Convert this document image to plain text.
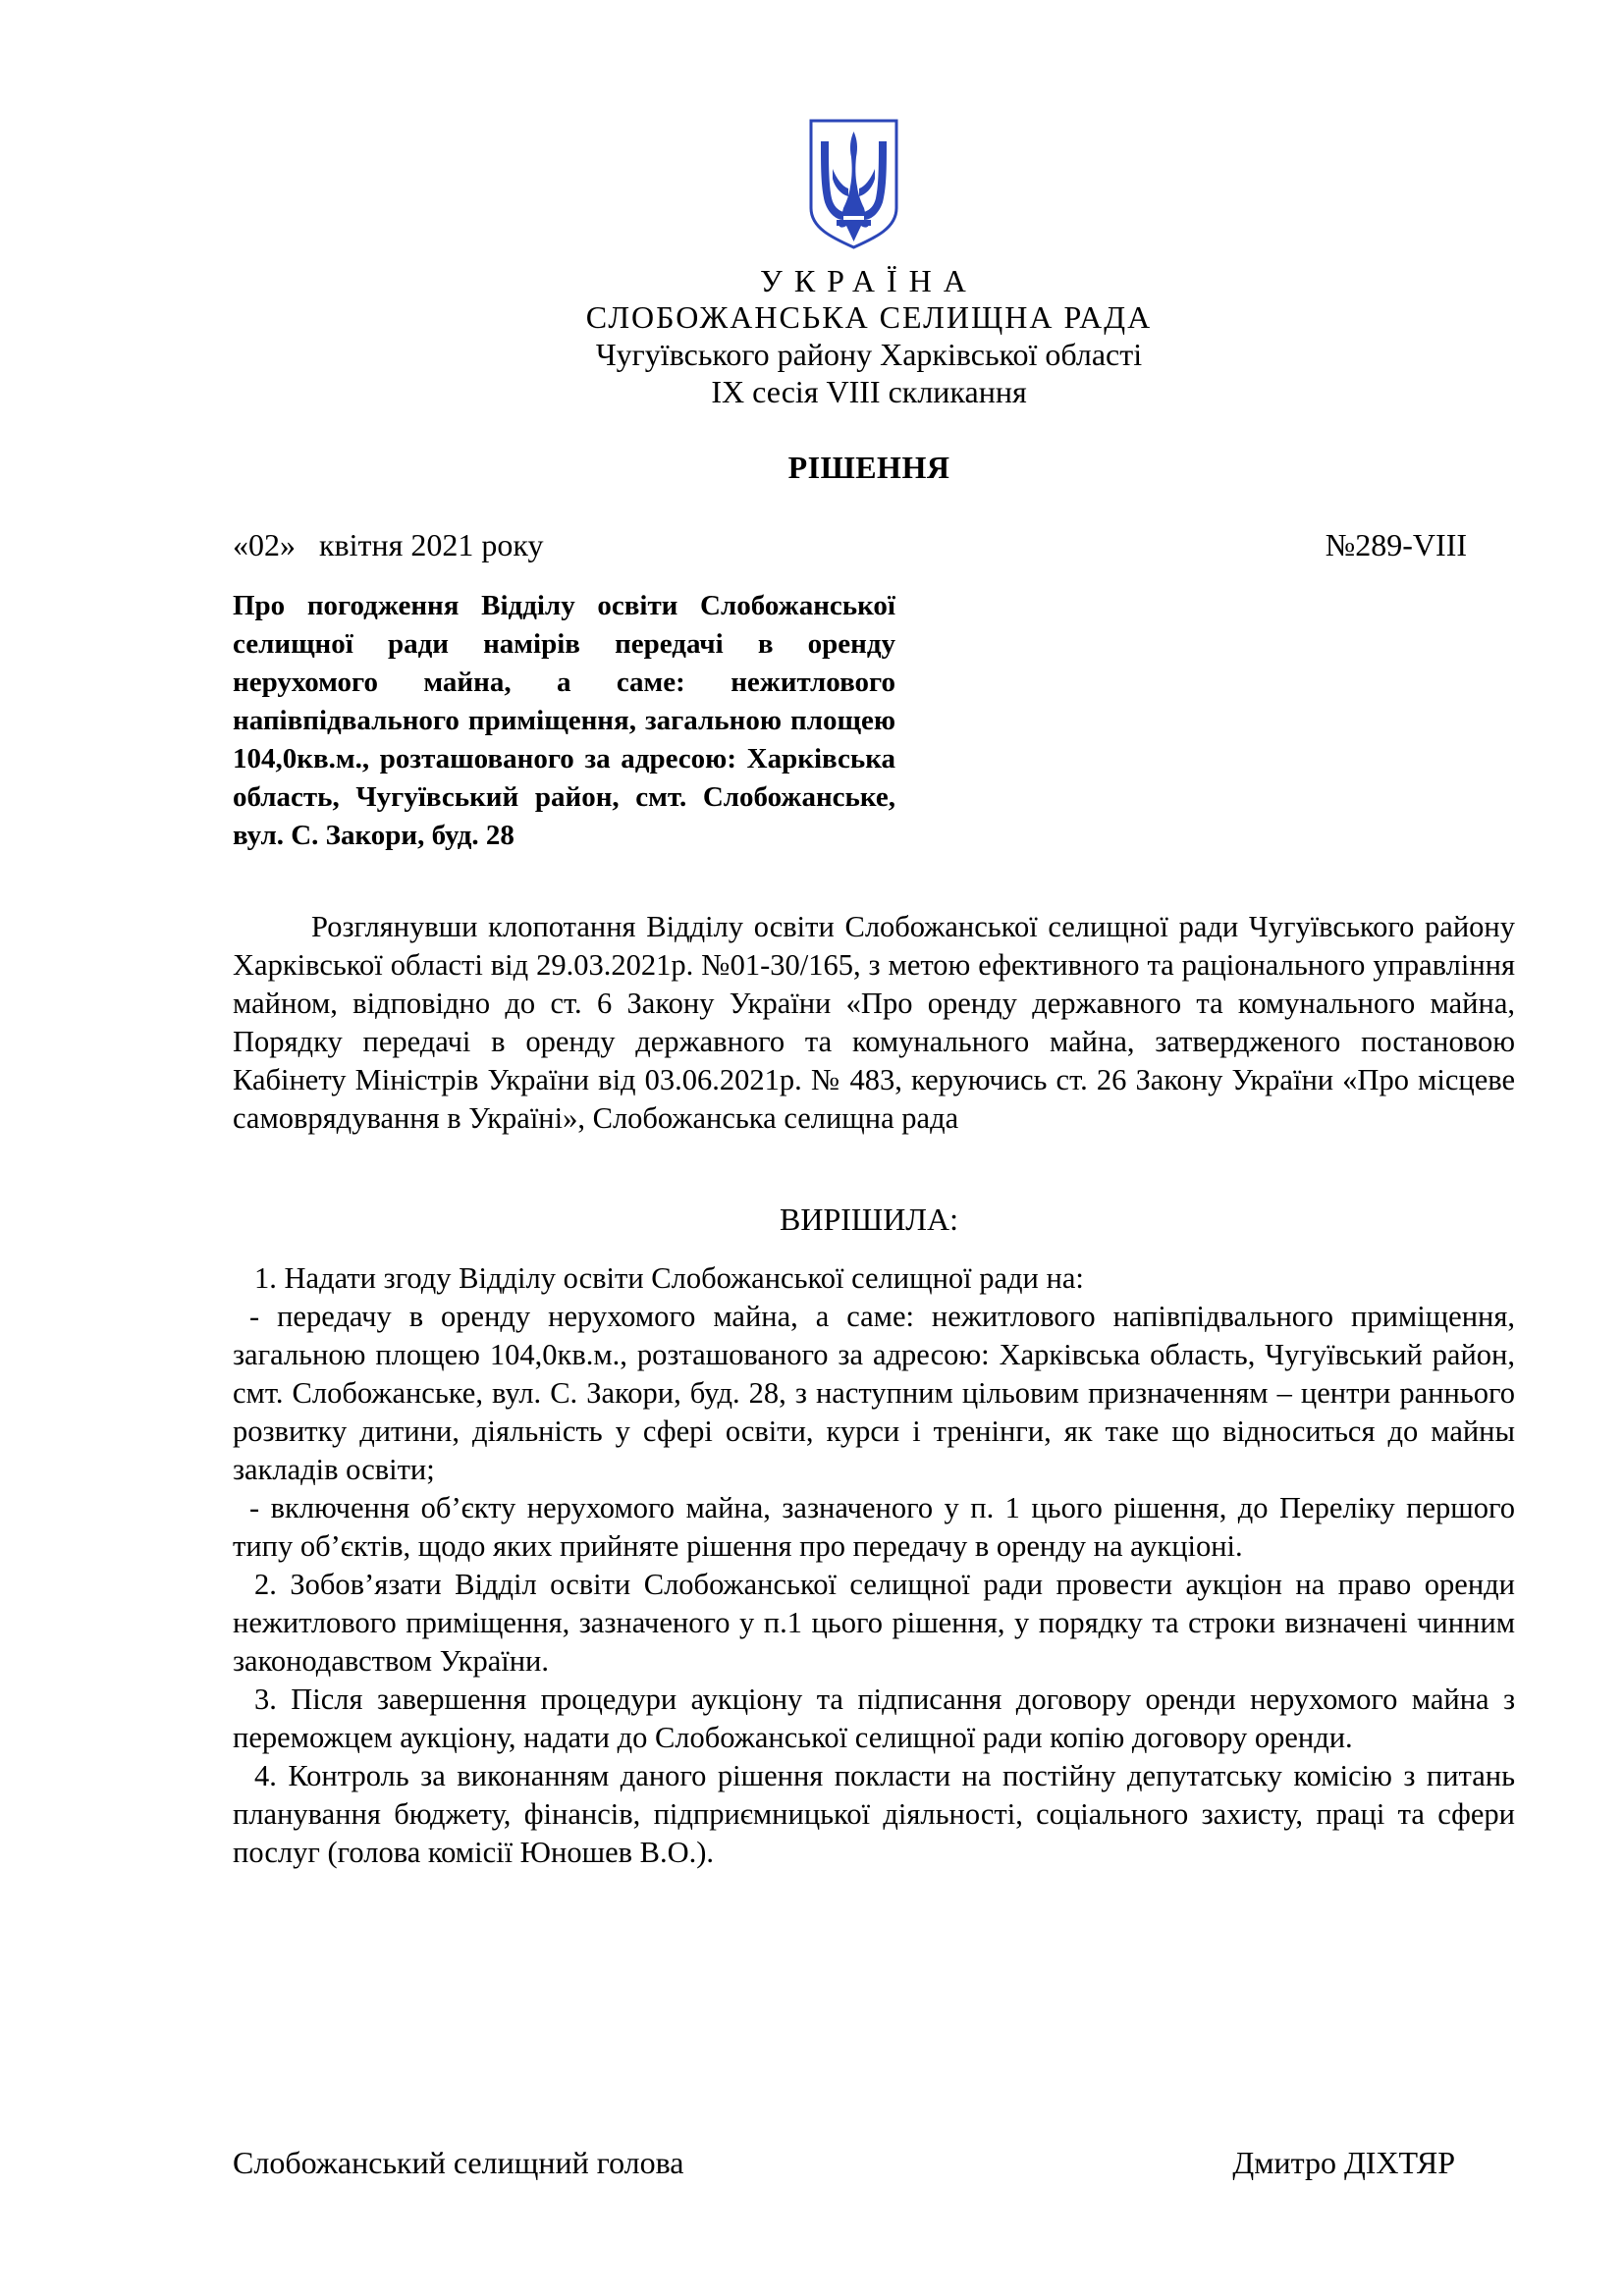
УКРАЇНА
СЛОБОЖАНСЬКА СЕЛИЩНА РАДА
Чугуївського району Харківської області
IX сесія VIII скликання
РІШЕННЯ
«02»   квітня 2021 року	№289-VIII
Про погодження Відділу освіти Слобожанської селищної ради намірів передачі в оренду нерухомого майна, а саме: нежитлового напівпідвального приміщення, загальною площею 104,0кв.м., розташованого за адресою: Харківська область, Чугуївський район, смт. Слобожанське, вул. С. Закори, буд. 28
Розглянувши клопотання Відділу освіти Слобожанської селищної ради Чугуївського району Харківської області від 29.03.2021р. №01-30/165, з метою ефективного та раціонального управління майном, відповідно до ст. 6 Закону України «Про оренду державного та комунального майна, Порядку передачі в оренду державного та комунального майна, затвердженого постановою Кабінету Міністрів України від 03.06.2021р. № 483, керуючись ст. 26 Закону України «Про місцеве самоврядування в Україні», Слобожанська селищна рада
ВИРІШИЛА:

1. Надати згоду Відділу освіти Слобожанської селищної ради на:

- передачу в оренду нерухомого майна, а саме: нежитлового напівпідвального приміщення, загальною площею 104,0кв.м., розташованого за адресою: Харківська область, Чугуївський район, смт. Слобожанське, вул. С. Закори, буд. 28, з наступним цільовим призначенням – центри раннього розвитку дитини, діяльність у сфері освіти, курси і тренінги, як таке що відноситься до майны закладів освіти;

- включення об’єкту нерухомого майна, зазначеного у п. 1 цього рішення, до Переліку першого типу об’єктів, щодо яких прийняте рішення про передачу в оренду на аукціоні.

2. Зобов’язати Відділ освіти Слобожанської селищної ради провести аукціон на право оренди нежитлового приміщення, зазначеного у п.1 цього рішення, у порядку та строки визначені чинним законодавством України.

3. Після завершення процедури аукціону та підписання договору оренди нерухомого майна з переможцем аукціону, надати до Слобожанської селищної ради копію договору оренди.

4. Контроль за виконанням даного рішення покласти на постійну депутатську комісію з питань планування бюджету, фінансів, підприємницької діяльності, соціального захисту, праці та сфери послуг (голова комісії Юношев В.О.).

Слобожанський селищний голова	Дмитро ДІХТЯР
